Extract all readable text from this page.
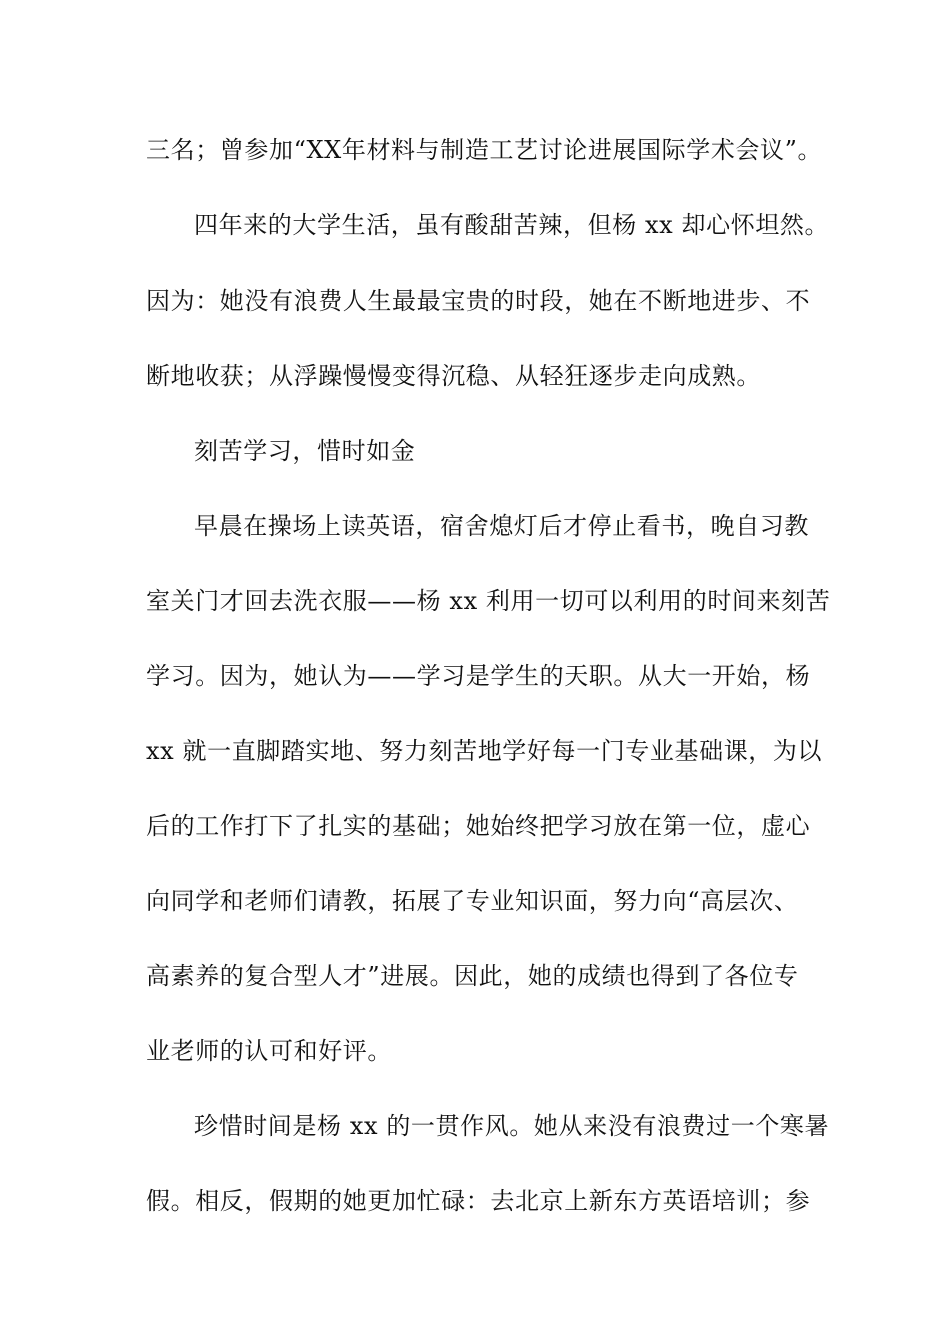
三名；曾参加“XX年材料与制造工艺讨论进展国际学术会议”。
四年来的大学生活，虽有酸甜苦辣，但杨 xx 却心怀坦然。
因为：她没有浪费人生最最宝贵的时段，她在不断地进步、不
断地收获；从浮躁慢慢变得沉稳、从轻狂逐步走向成熟。
刻苦学习，惜时如金
早晨在操场上读英语，宿舍熄灯后才停止看书，晚自习教
室关门才回去洗衣服——杨 xx 利用一切可以利用的时间来刻苦
学习。因为，她认为——学习是学生的天职。从大一开始，杨
xx 就一直脚踏实地、努力刻苦地学好每一门专业基础课，为以
后的工作打下了扎实的基础；她始终把学习放在第一位，虚心
向同学和老师们请教，拓展了专业知识面，努力向“高层次、
高素养的复合型人才”进展。因此，她的成绩也得到了各位专
业老师的认可和好评。
珍惜时间是杨 xx 的一贯作风。她从来没有浪费过一个寒暑
假。相反，假期的她更加忙碌：去北京上新东方英语培训；参
